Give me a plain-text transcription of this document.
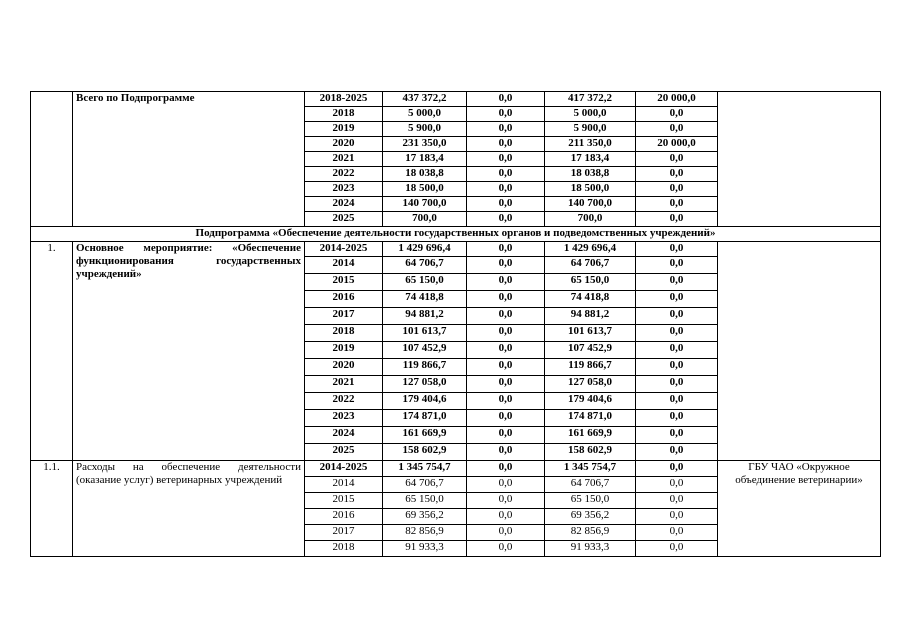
	Всего по Подпрограмме	2018-2025	437 372,2	0,0	417 372,2	20 000,0	
		2018	5 000,0	0,0	5 000,0	0,0	
		2019	5 900,0	0,0	5 900,0	0,0	
		2020	231 350,0	0,0	211 350,0	20 000,0	
		2021	17 183,4	0,0	17 183,4	0,0	
		2022	18 038,8	0,0	18 038,8	0,0	
		2023	18 500,0	0,0	18 500,0	0,0	
		2024	140 700,0	0,0	140 700,0	0,0	
		2025	700,0	0,0	700,0	0,0	
Подпрограмма «Обеспечение деятельности государственных органов и подведомственных учреждений»							
1.	Основное мероприятие: «Обеспечение функционирования государственных учреждений»	2014-2025	1 429 696,4	0,0	1 429 696,4	0,0	
		2014	64 706,7	0,0	64 706,7	0,0	
		2015	65 150,0	0,0	65 150,0	0,0	
		2016	74 418,8	0,0	74 418,8	0,0	
		2017	94 881,2	0,0	94 881,2	0,0	
		2018	101 613,7	0,0	101 613,7	0,0	
		2019	107 452,9	0,0	107 452,9	0,0	
		2020	119 866,7	0,0	119 866,7	0,0	
		2021	127 058,0	0,0	127 058,0	0,0	
		2022	179 404,6	0,0	179 404,6	0,0	
		2023	174 871,0	0,0	174 871,0	0,0	
		2024	161 669,9	0,0	161 669,9	0,0	
		2025	158 602,9	0,0	158 602,9	0,0	
1.1.	Расходы на обеспечение деятельности (оказание услуг) ветеринарных учреждений	2014-2025	1 345 754,7	0,0	1 345 754,7	0,0	ГБУ ЧАО «Окружное объединение ветеринарии»
		2014	64 706,7	0,0	64 706,7	0,0	
		2015	65 150,0	0,0	65 150,0	0,0	
		2016	69 356,2	0,0	69 356,2	0,0	
		2017	82 856,9	0,0	82 856,9	0,0	
		2018	91 933,3	0,0	91 933,3	0,0	
